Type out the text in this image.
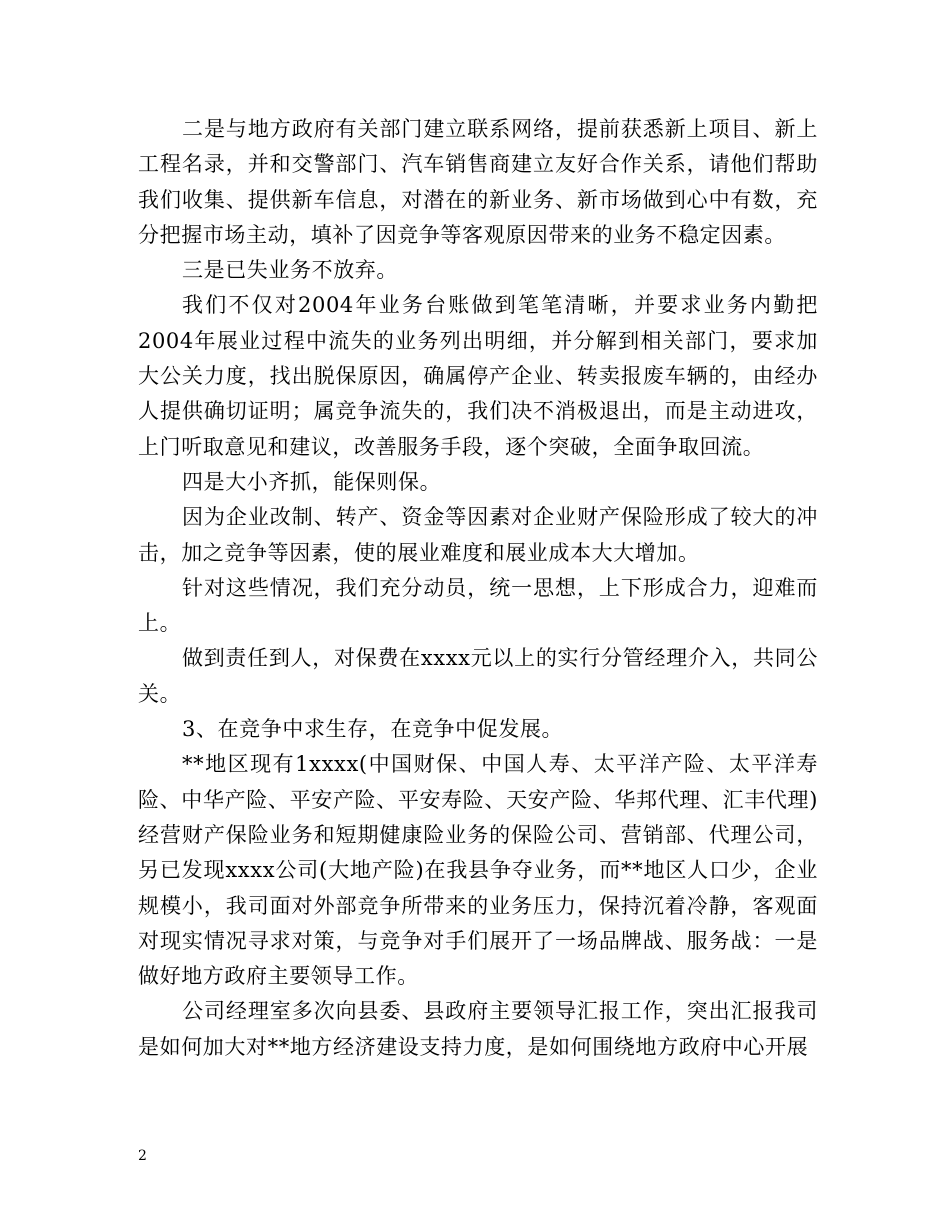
二是与地方政府有关部门建立联系网络，提前获悉新上项目、新上工程名录，并和交警部门、汽车销售商建立友好合作关系，请他们帮助我们收集、提供新车信息，对潜在的新业务、新市场做到心中有数，充分把握市场主动，填补了因竞争等客观原因带来的业务不稳定因素。

三是已失业务不放弃。

我们不仅对2004年业务台账做到笔笔清晰，并要求业务内勤把2004年展业过程中流失的业务列出明细，并分解到相关部门，要求加大公关力度，找出脱保原因，确属停产企业、转卖报废车辆的，由经办人提供确切证明；属竞争流失的，我们决不消极退出，而是主动进攻，上门听取意见和建议，改善服务手段，逐个突破，全面争取回流。

四是大小齐抓，能保则保。

因为企业改制、转产、资金等因素对企业财产保险形成了较大的冲击，加之竞争等因素，使的展业难度和展业成本大大增加。

针对这些情况，我们充分动员，统一思想，上下形成合力，迎难而上。

做到责任到人，对保费在xxxx元以上的实行分管经理介入，共同公关。

3、在竞争中求生存，在竞争中促发展。

**地区现有1xxxx(中国财保、中国人寿、太平洋产险、太平洋寿险、中华产险、平安产险、平安寿险、天安产险、华邦代理、汇丰代理)经营财产保险业务和短期健康险业务的保险公司、营销部、代理公司，另已发现xxxx公司(大地产险)在我县争夺业务，而**地区人口少，企业规模小，我司面对外部竞争所带来的业务压力，保持沉着冷静，客观面对现实情况寻求对策，与竞争对手们展开了一场品牌战、服务战：一是做好地方政府主要领导工作。

公司经理室多次向县委、县政府主要领导汇报工作，突出汇报我司是如何加大对**地方经济建设支持力度，是如何围绕地方政府中心开展

2
